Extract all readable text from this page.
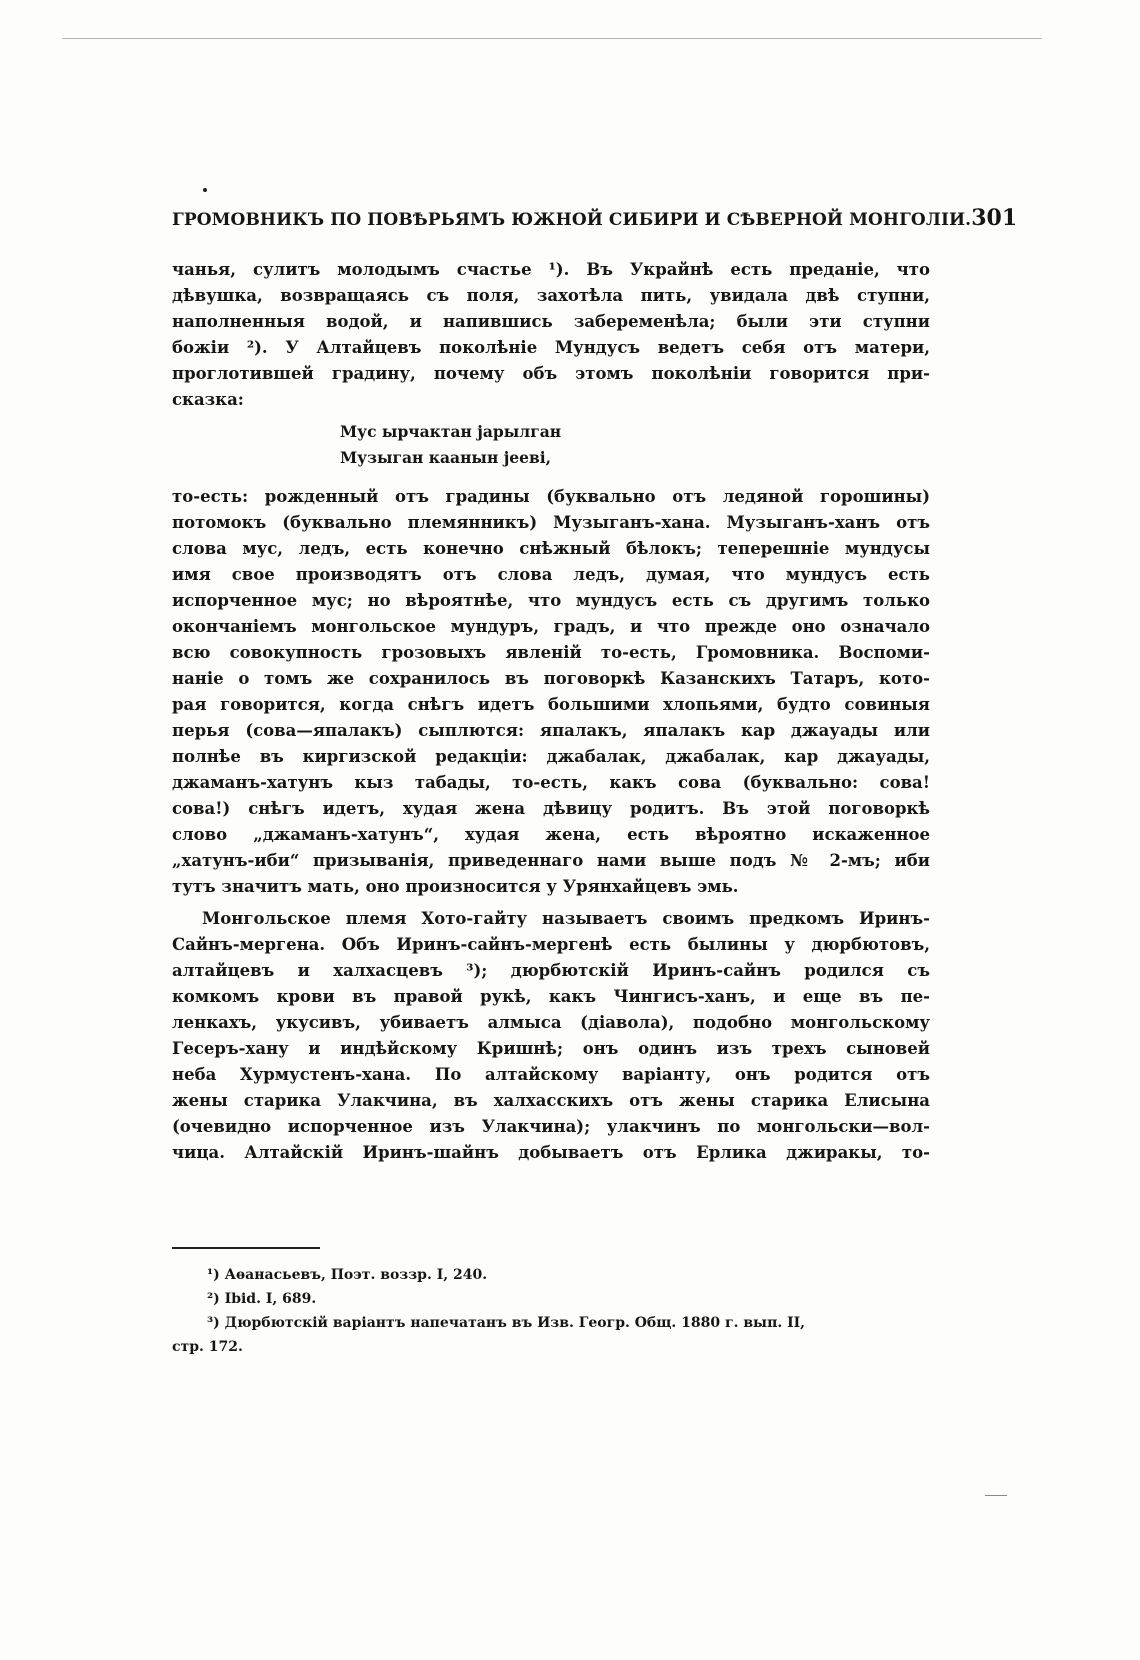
ГРОМОВНИКЪ ПО ПОВѢРЬЯМЪ ЮЖНОЙ СИБИРИ И СѢВЕРНОЙ МОНГОЛІИ. 301
чанья, сулитъ молодымъ счастье ¹). Въ Украйнѣ есть преданіе, что
дѣвушка, возвращаясь съ поля, захотѣла пить, увидала двѣ ступни,
наполненныя водой, и напившись забеременѣла; были эти ступни
божіи ²). У Алтайцевъ поколѣніе Мундусъ ведетъ себя отъ матери,
проглотившей градину, почему объ этомъ поколѣніи говорится при-
сказка:
Мус ырчактан јарылган
Музыган каанын јееві,
то-есть: рожденный отъ градины (буквально отъ ледяной горошины)
потомокъ (буквально племянникъ) Музыганъ-хана. Музыганъ-ханъ отъ
слова мус, ледъ, есть конечно снѣжный бѣлокъ; теперешніе мундусы
имя свое производятъ отъ слова ледъ, думая, что мундусъ есть
испорченное мус; но вѣроятнѣе, что мундусъ есть съ другимъ только
окончаніемъ монгольское мундуръ, градъ, и что прежде оно означало
всю совокупность грозовыхъ явленій то-есть, Громовника. Воспоми-
наніе о томъ же сохранилось въ поговоркѣ Казанскихъ Татаръ, кото-
рая говорится, когда снѣгъ идетъ большими хлопьями, будто совиныя
перья (сова—япалакъ) сыплются: япалакъ, япалакъ кар джауады или
полнѣе въ киргизской редакціи: джабалак, джабалак, кар джауады,
джаманъ-хатунъ кыз табады, то-есть, какъ сова (буквально: сова!
сова!) снѣгъ идетъ, худая жена дѣвицу родитъ. Въ этой поговоркѣ
слово „джаманъ-хатунъ“, худая жена, есть вѣроятно искаженное
„хатунъ-иби“ призыванія, приведеннаго нами выше подъ № 2-мъ; иби
тутъ значитъ мать, оно произносится у Урянхайцевъ эмь.
Монгольское племя Хото-гайту называетъ своимъ предкомъ Иринъ-
Сайнъ-мергена. Объ Иринъ-сайнъ-мергенѣ есть былины у дюрбютовъ,
алтайцевъ и халхасцевъ ³); дюрбютскій Иринъ-сайнъ родился съ
комкомъ крови въ правой рукѣ, какъ Чингисъ-ханъ, и еще въ пе-
ленкахъ, укусивъ, убиваетъ алмыса (діавола), подобно монгольскому
Гесеръ-хану и индѣйскому Кришнѣ; онъ одинъ изъ трехъ сыновей
неба Хурмустенъ-хана. По алтайскому варіанту, онъ родится отъ
жены старика Улакчина, въ халхасскихъ отъ жены старика Елисына
(очевидно испорченное изъ Улакчина); улакчинъ по монгольски—вол-
чица. Алтайскій Иринъ-шайнъ добываетъ отъ Ерлика джиракы, то-
¹) Аѳанасьевъ, Поэт. воззр. I, 240.
²) Ibid. I, 689.
³) Дюрбютскій варіантъ напечатанъ въ Изв. Геогр. Общ. 1880 г. вып. II,
стр. 172.
